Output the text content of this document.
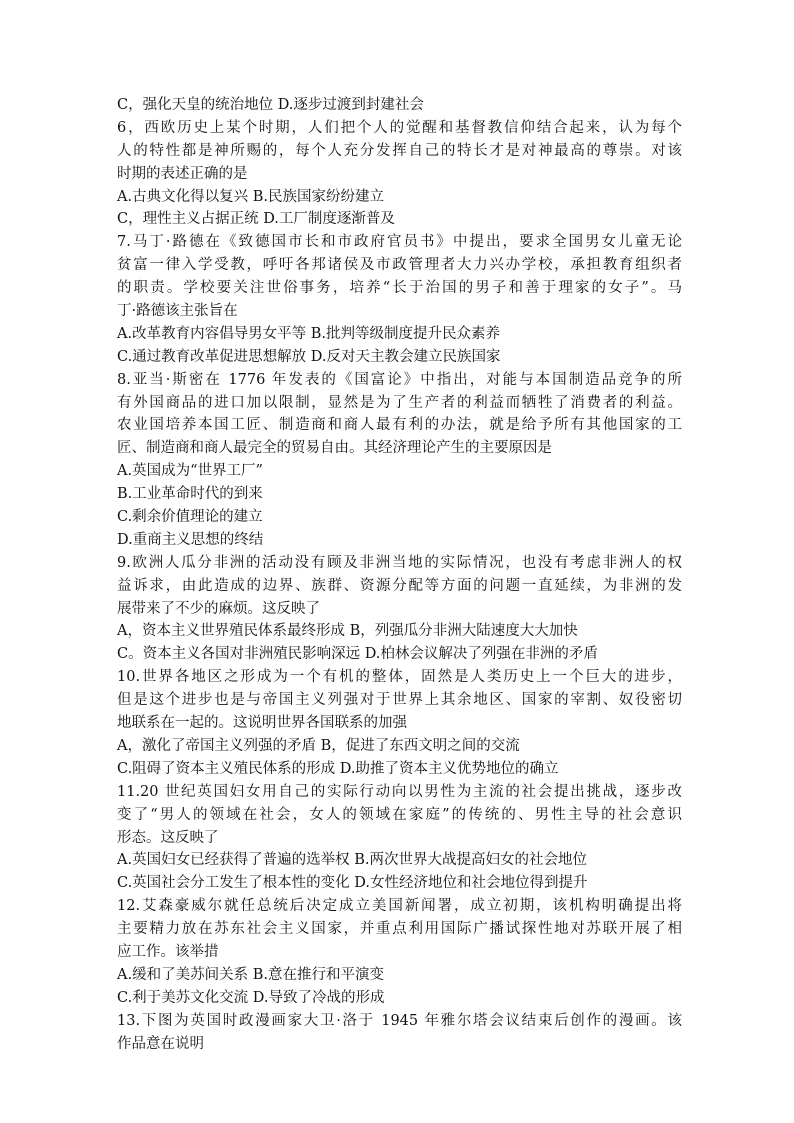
C，强化天皇的统治地位 D.逐步过渡到封建社会
6，西欧历史上某个时期，人们把个人的觉醒和基督教信仰结合起来，认为每个
人的特性都是神所赐的，每个人充分发挥自己的特长才是对神最高的尊崇。对该
时期的表述正确的是
A.古典文化得以复兴 B.民族国家纷纷建立
C，理性主义占据正统 D.工厂制度逐渐普及
7.马丁·路德在《致德国市长和市政府官员书》中提出，要求全国男女儿童无论
贫富一律入学受教，呼吁各邦诸侯及市政管理者大力兴办学校，承担教育组织者
的职责。学校要关注世俗事务，培养“长于治国的男子和善于理家的女子”。马
丁·路德该主张旨在
A.改革教育内容倡导男女平等 B.批判等级制度提升民众素养
C.通过教育改革促进思想解放 D.反对天主教会建立民族国家
8.亚当·斯密在 1776 年发表的《国富论》中指出，对能与本国制造品竞争的所
有外国商品的进口加以限制，显然是为了生产者的利益而牺牲了消费者的利益。
农业国培养本国工匠、制造商和商人最有利的办法，就是给予所有其他国家的工
匠、制造商和商人最完全的贸易自由。其经济理论产生的主要原因是
A.英国成为“世界工厂”
B.工业革命时代的到来
C.剩余价值理论的建立
D.重商主义思想的终结
9.欧洲人瓜分非洲的活动没有顾及非洲当地的实际情况，也没有考虑非洲人的权
益诉求，由此造成的边界、族群、资源分配等方面的问题一直延续，为非洲的发
展带来了不少的麻烦。这反映了
A，资本主义世界殖民体系最终形成 B，列强瓜分非洲大陆速度大大加快
C。资本主义各国对非洲殖民影响深远 D.柏林会议解决了列强在非洲的矛盾
10.世界各地区之形成为一个有机的整体，固然是人类历史上一个巨大的进步，
但是这个进步也是与帝国主义列强对于世界上其余地区、国家的宰割、奴役密切
地联系在一起的。这说明世界各国联系的加强
A，激化了帝国主义列强的矛盾 B，促进了东西文明之间的交流
C.阻碍了资本主义殖民体系的形成 D.助推了资本主义优势地位的确立
11.20 世纪英国妇女用自己的实际行动向以男性为主流的社会提出挑战，逐步改
变了“男人的领域在社会，女人的领域在家庭”的传统的、男性主导的社会意识
形态。这反映了
A.英国妇女已经获得了普遍的选举权 B.两次世界大战提高妇女的社会地位
C.英国社会分工发生了根本性的变化 D.女性经济地位和社会地位得到提升
12.艾森豪威尔就任总统后决定成立美国新闻署，成立初期，该机构明确提出将
主要精力放在苏东社会主义国家，并重点利用国际广播试探性地对苏联开展了相
应工作。该举措
A.缓和了美苏间关系 B.意在推行和平演变
C.利于美苏文化交流 D.导致了冷战的形成
13.下图为英国时政漫画家大卫·洛于 1945 年雅尔塔会议结束后创作的漫画。该
作品意在说明
